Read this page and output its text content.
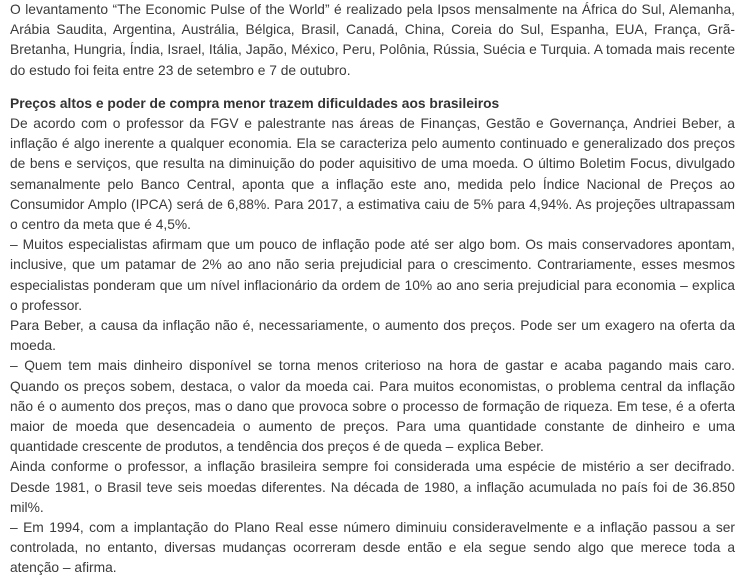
O levantamento “The Economic Pulse of the World” é realizado pela Ipsos mensalmente na África do Sul, Alemanha, Arábia Saudita, Argentina, Austrália, Bélgica, Brasil, Canadá, China, Coreia do Sul, Espanha, EUA, França, Grã-Bretanha, Hungria, Índia, Israel, Itália, Japão, México, Peru, Polônia, Rússia, Suécia e Turquia. A tomada mais recente do estudo foi feita entre 23 de setembro e 7 de outubro.

Preços altos e poder de compra menor trazem dificuldades aos brasileiros

De acordo com o professor da FGV e palestrante nas áreas de Finanças, Gestão e Governança, Andriei Beber, a inflação é algo inerente a qualquer economia. Ela se caracteriza pelo aumento continuado e generalizado dos preços de bens e serviços, que resulta na diminuição do poder aquisitivo de uma moeda. O último Boletim Focus, divulgado semanalmente pelo Banco Central, aponta que a inflação este ano, medida pelo Índice Nacional de Preços ao Consumidor Amplo (IPCA) será de 6,88%. Para 2017, a estimativa caiu de 5% para 4,94%. As projeções ultrapassam o centro da meta que é 4,5%.

– Muitos especialistas afirmam que um pouco de inflação pode até ser algo bom. Os mais conservadores apontam, inclusive, que um patamar de 2% ao ano não seria prejudicial para o crescimento. Contrariamente, esses mesmos especialistas ponderam que um nível inflacionário da ordem de 10% ao ano seria prejudicial para economia – explica o professor.

Para Beber, a causa da inflação não é, necessariamente, o aumento dos preços. Pode ser um exagero na oferta da moeda.

– Quem tem mais dinheiro disponível se torna menos criterioso na hora de gastar e acaba pagando mais caro. Quando os preços sobem, destaca, o valor da moeda cai. Para muitos economistas, o problema central da inflação não é o aumento dos preços, mas o dano que provoca sobre o processo de formação de riqueza. Em tese, é a oferta maior de moeda que desencadeia o aumento de preços. Para uma quantidade constante de dinheiro e uma quantidade crescente de produtos, a tendência dos preços é de queda – explica Beber.

Ainda conforme o professor, a inflação brasileira sempre foi considerada uma espécie de mistério a ser decifrado. Desde 1981, o Brasil teve seis moedas diferentes. Na década de 1980, a inflação acumulada no país foi de 36.850 mil%.

– Em 1994, com a implantação do Plano Real esse número diminuiu consideravelmente e a inflação passou a ser controlada, no entanto, diversas mudanças ocorreram desde então e ela segue sendo algo que merece toda a atenção – afirma.
